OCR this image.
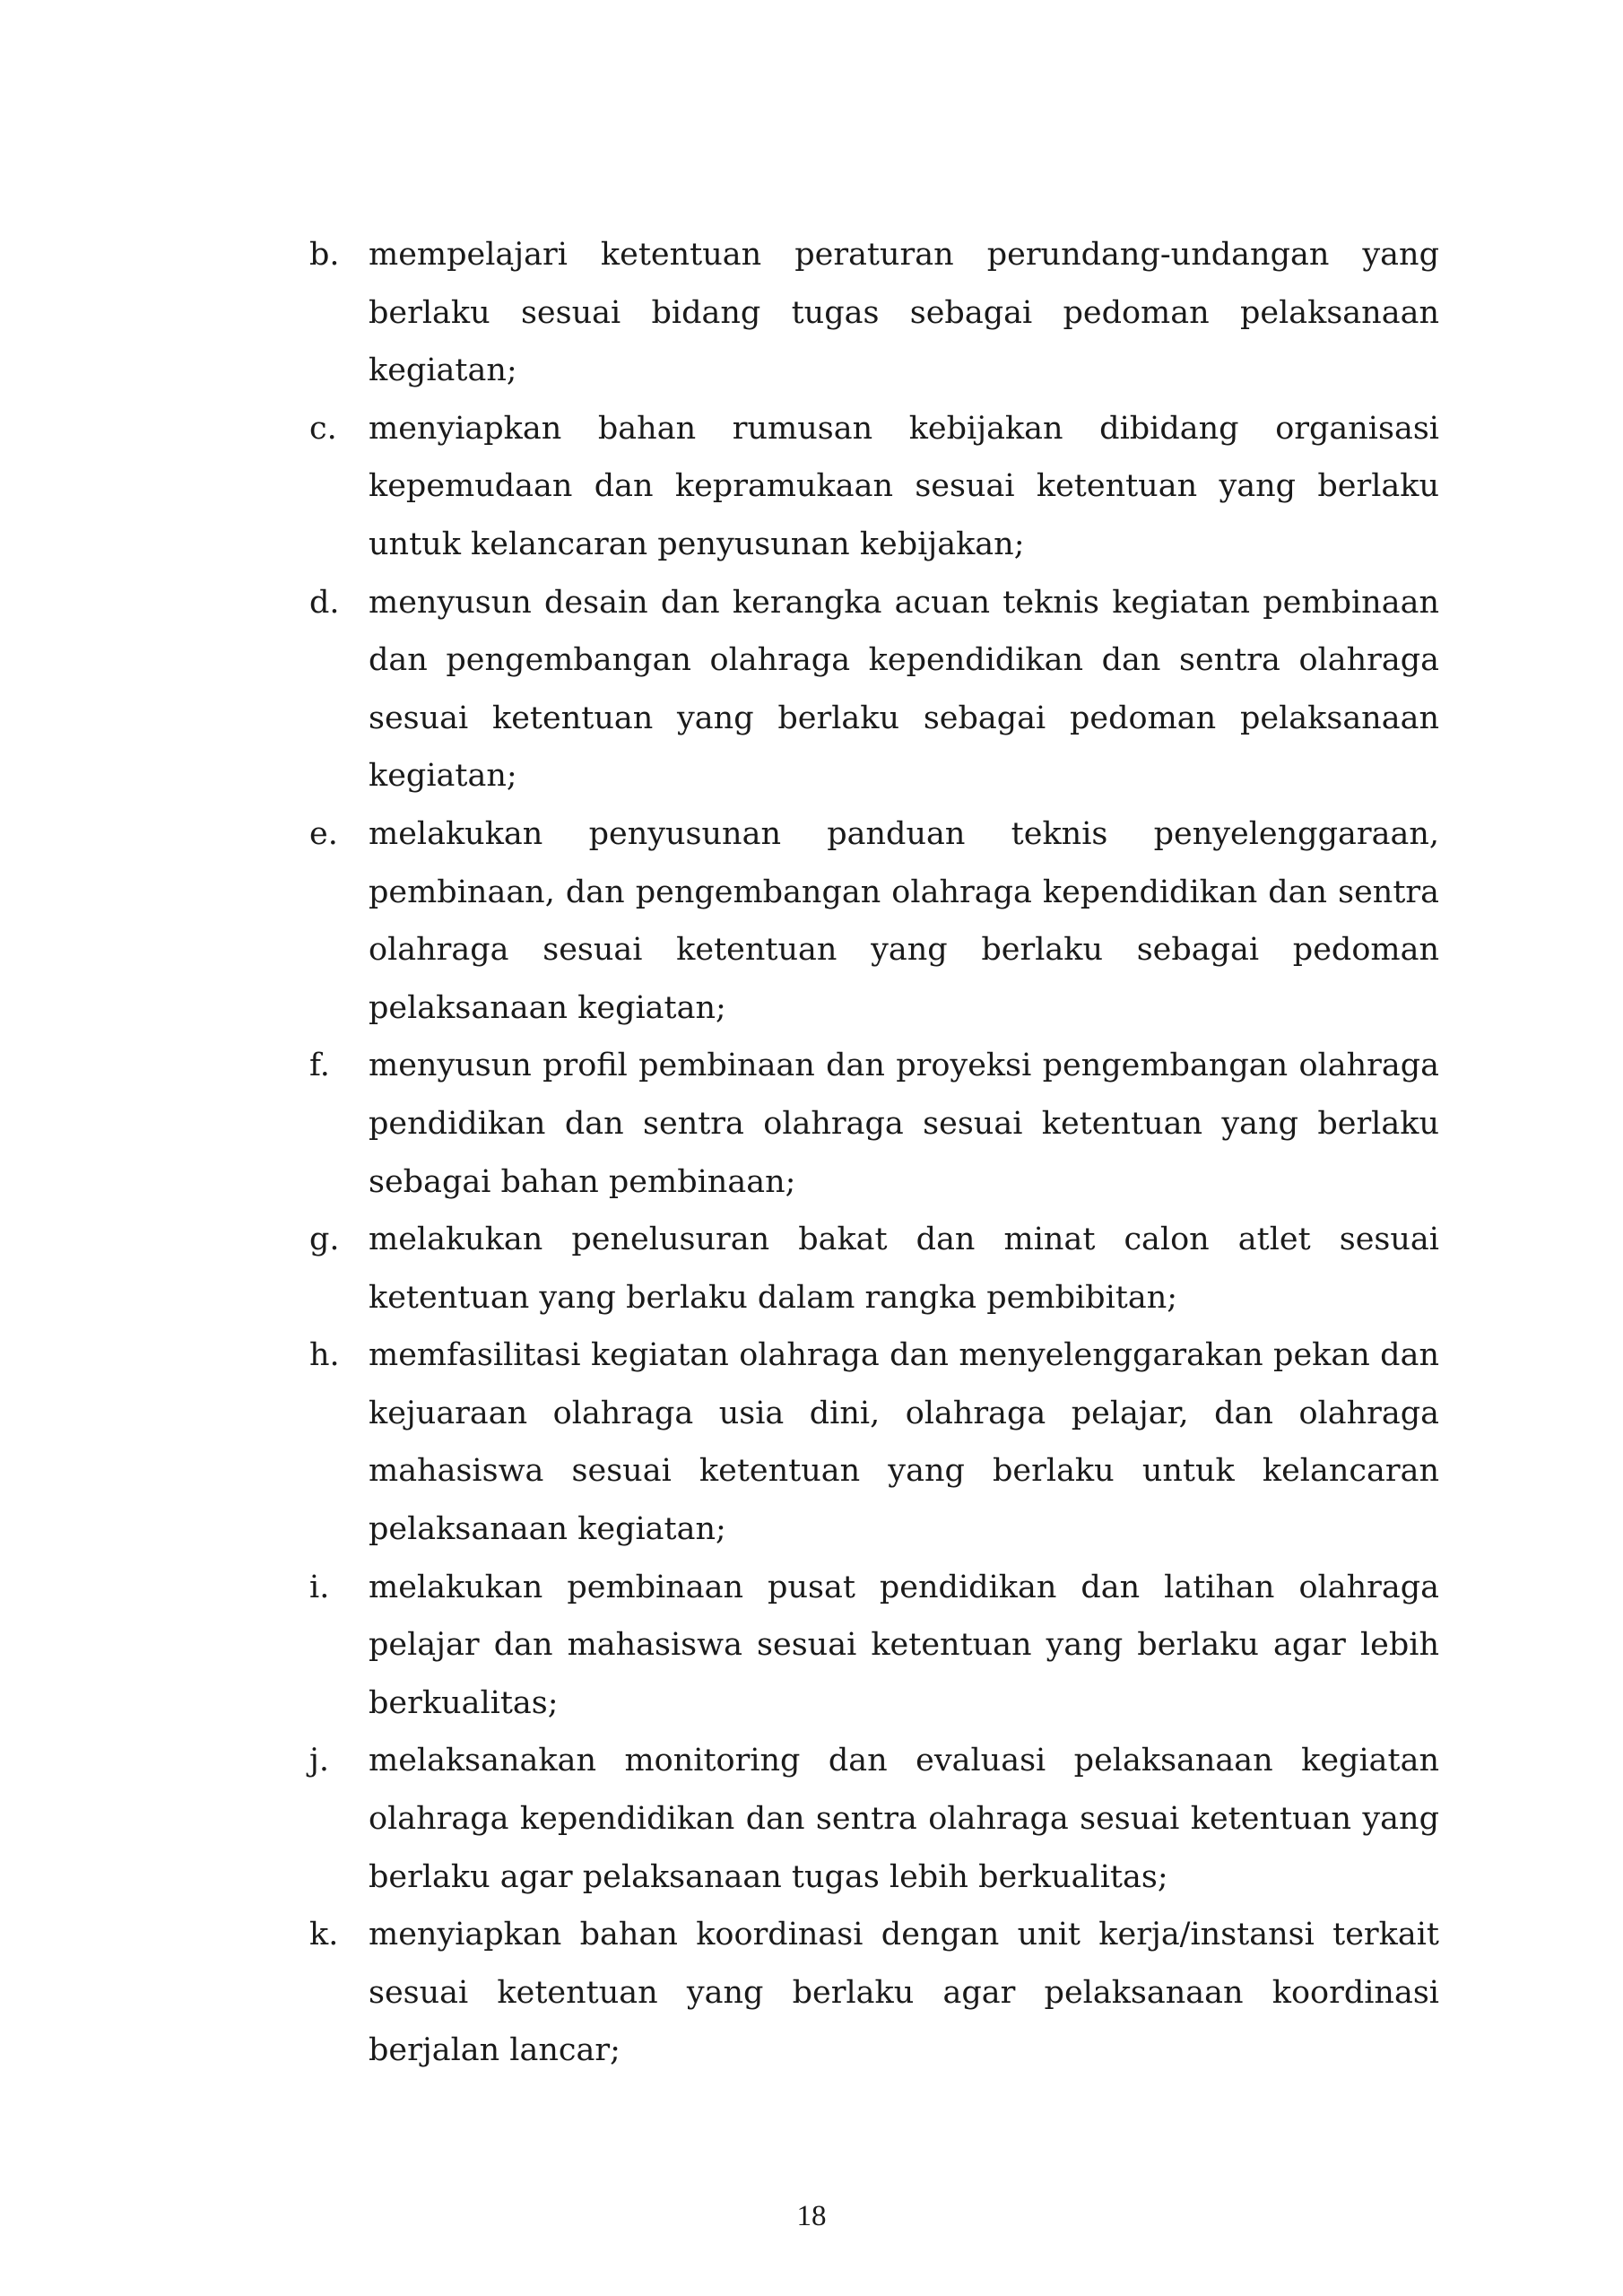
b. mempelajari ketentuan peraturan perundang-undangan yang berlaku sesuai bidang tugas sebagai pedoman pelaksanaan kegiatan;
c. menyiapkan bahan rumusan kebijakan dibidang organisasi kepemudaan dan kepramukaan sesuai ketentuan yang berlaku untuk kelancaran penyusunan kebijakan;
d. menyusun desain dan kerangka acuan teknis kegiatan pembinaan dan pengembangan olahraga kependidikan dan sentra olahraga sesuai ketentuan yang berlaku sebagai pedoman pelaksanaan kegiatan;
e. melakukan penyusunan panduan teknis penyelenggaraan, pembinaan, dan pengembangan olahraga kependidikan dan sentra olahraga sesuai ketentuan yang berlaku sebagai pedoman pelaksanaan kegiatan;
f. menyusun profil pembinaan dan proyeksi pengembangan olahraga pendidikan dan sentra olahraga sesuai ketentuan yang berlaku sebagai bahan pembinaan;
g. melakukan penelusuran bakat dan minat calon atlet sesuai ketentuan yang berlaku dalam rangka pembibitan;
h. memfasilitasi kegiatan olahraga dan menyelenggarakan pekan dan kejuaraan olahraga usia dini, olahraga pelajar, dan olahraga mahasiswa sesuai ketentuan yang berlaku untuk kelancaran pelaksanaan kegiatan;
i. melakukan pembinaan pusat pendidikan dan latihan olahraga pelajar dan mahasiswa sesuai ketentuan yang berlaku agar lebih berkualitas;
j. melaksanakan monitoring dan evaluasi pelaksanaan kegiatan olahraga kependidikan dan sentra olahraga sesuai ketentuan yang berlaku agar pelaksanaan tugas lebih berkualitas;
k. menyiapkan bahan koordinasi dengan unit kerja/instansi terkait sesuai ketentuan yang berlaku agar pelaksanaan koordinasi berjalan lancar;
18
